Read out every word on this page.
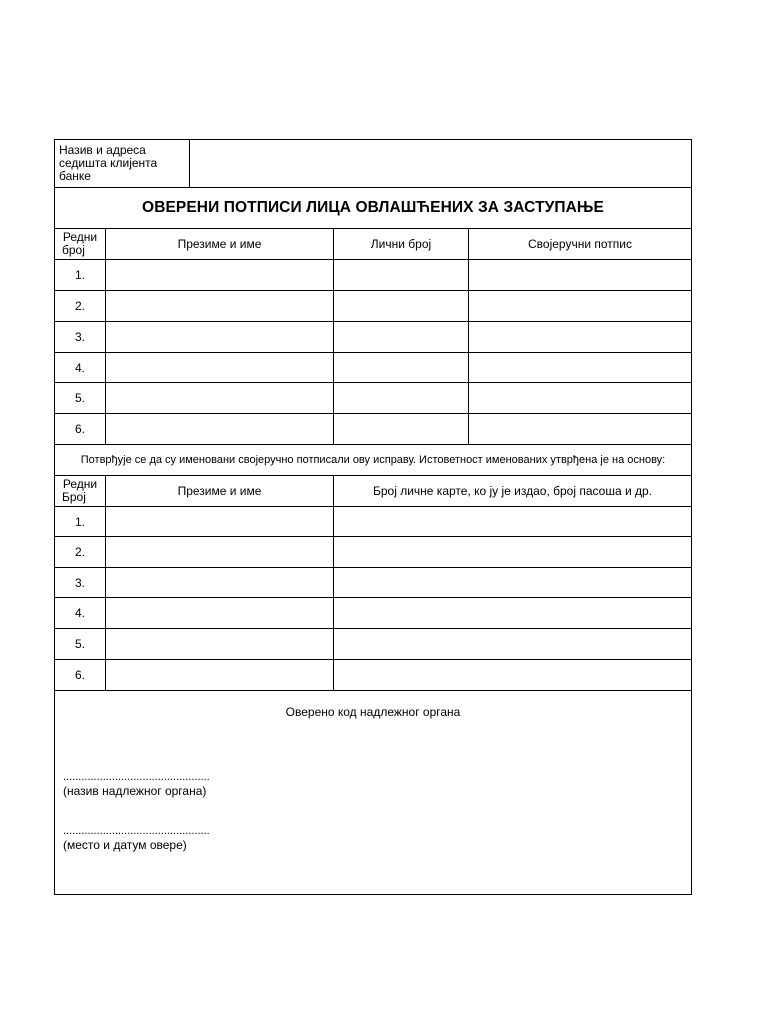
Назив и адреса
седишта клијента
банке
ОВЕРЕНИ ПОТПИСИ ЛИЦА ОВЛАШЋЕНИХ ЗА ЗАСТУПАЊЕ
Редни
број	Презиме и име	Лични број	Својеручни потпис
1.
2.
3.
4.
5.
6.
Потврђује се да су именовани својеручно потписали ову исправу. Истоветност именованих утврђена је на основу:
Редни
Број	Презиме и име	Број личне карте, ко ју је издао, број пасоша и др.
1.
2.
3.
4.
5.
6.
Оверено код надлежног органа
................................................
(назив надлежног органа)
................................................
(место и датум овере)
